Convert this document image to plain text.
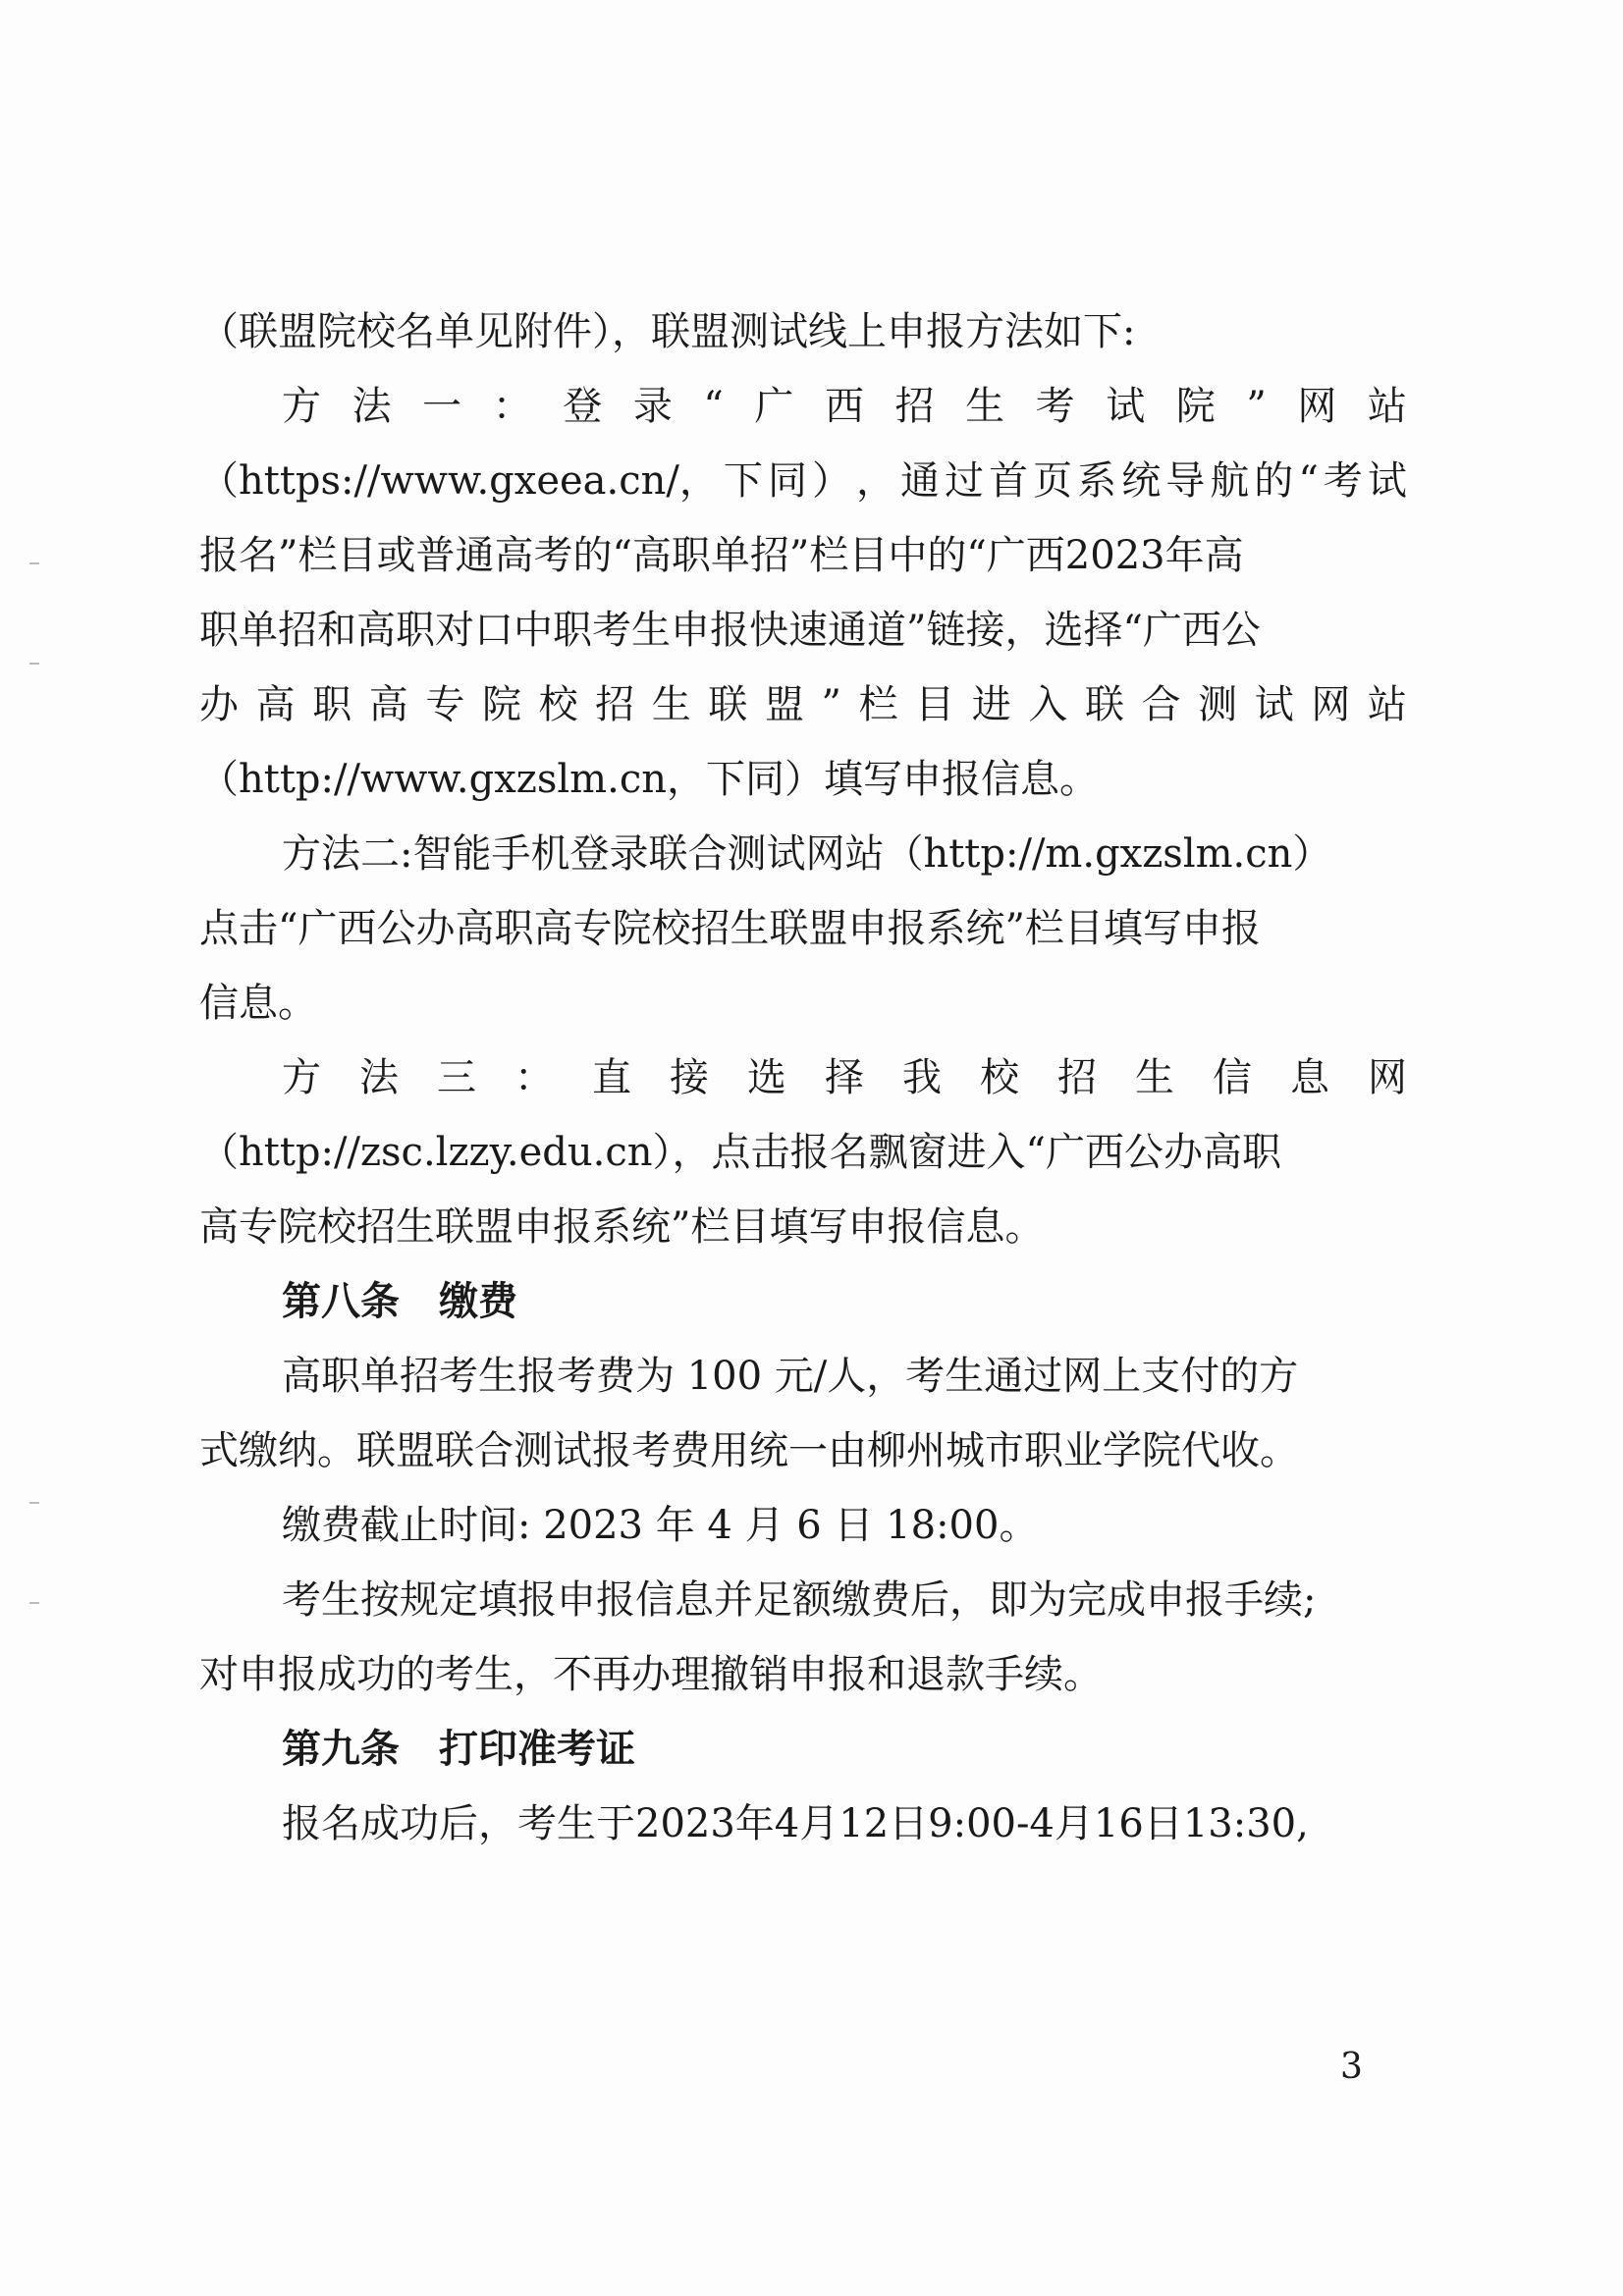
（联盟院校名单见附件），联盟测试线上申报方法如下:
方 法 一 ： 登 录 “ 广 西 招 生 考 试 院 ” 网 站
（https://www.gxeea.cn/， 下 同 ） ， 通 过 首 页 系 统 导 航 的 “ 考 试
报名”栏目或普通高考的“高职单招”栏目中的“广西2023年高
职单招和高职对口中职考生申报快速通道”链接，选择“广西公
办 高 职 高 专 院 校 招 生 联 盟 ” 栏 目 进 入 联 合 测 试 网 站
（http://www.gxzslm.cn，下同）填写申报信息。
方法二:智能手机登录联合测试网站（http://m.gxzslm.cn）
点击“广西公办高职高专院校招生联盟申报系统”栏目填写申报
信息。
方 法 三 ： 直 接 选 择 我 校 招 生 信 息 网
（http://zsc.lzzy.edu.cn），点击报名飘窗进入“广西公办高职
高专院校招生联盟申报系统”栏目填写申报信息。
第八条　缴费
高职单招考生报考费为 100 元/人，考生通过网上支付的方
式缴纳。联盟联合测试报考费用统一由柳州城市职业学院代收。
缴费截止时间: 2023 年 4 月 6 日 18:00。
考生按规定填报申报信息并足额缴费后，即为完成申报手续;
对申报成功的考生，不再办理撤销申报和退款手续。
第九条　打印准考证
报名成功后，考生于2023年4月12日9:00-4月16日13:30,
3
